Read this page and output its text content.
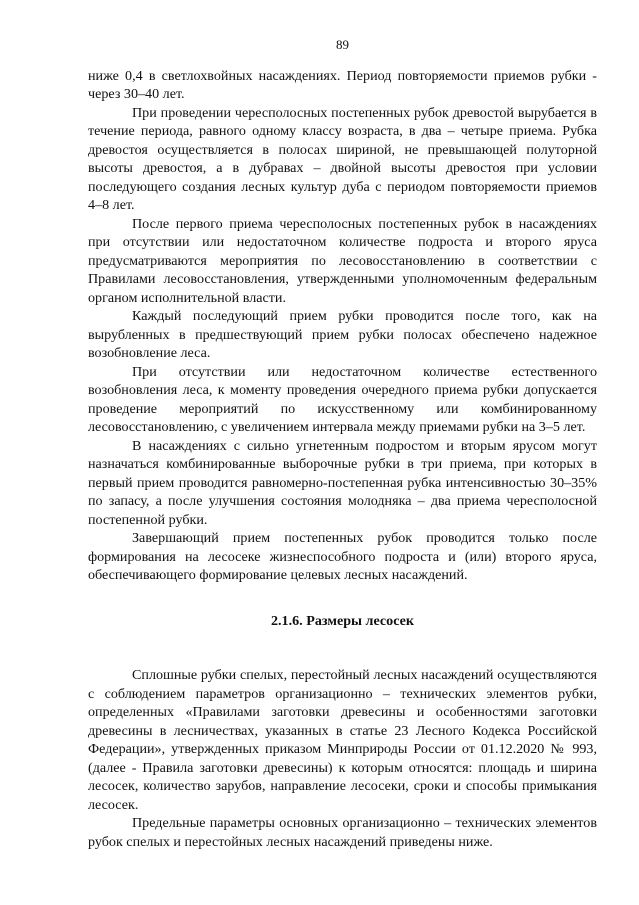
89

ниже 0,4 в светлохвойных насаждениях. Период повторяемости приемов рубки - через 30–40 лет.

При проведении чересполосных постепенных рубок древостой вырубается в течение периода, равного одному классу возраста, в два – четыре приема. Рубка древостоя осуществляется в полосах шириной, не превышающей полуторной высоты древостоя, а в дубравах – двойной высоты древостоя при условии последующего создания лесных культур дуба с периодом повторяемости приемов 4–8 лет.

После первого приема чересполосных постепенных рубок в насаждениях при отсутствии или недостаточном количестве подроста и второго яруса предусматриваются мероприятия по лесовосстановлению в соответствии с Правилами лесовосстановления, утвержденными уполномоченным федеральным органом исполнительной власти.

Каждый последующий прием рубки проводится после того, как на вырубленных в предшествующий прием рубки полосах обеспечено надежное возобновление леса.

При отсутствии или недостаточном количестве естественного возобновления леса, к моменту проведения очередного приема рубки допускается проведение мероприятий по искусственному или комбинированному лесовосстановлению, с увеличением интервала между приемами рубки на 3–5 лет.

В насаждениях с сильно угнетенным подростом и вторым ярусом могут назначаться комбинированные выборочные рубки в три приема, при которых в первый прием проводится равномерно-постепенная рубка интенсивностью 30–35% по запасу, а после улучшения состояния молодняка – два приема чересполосной постепенной рубки.

Завершающий прием постепенных рубок проводится только после формирования на лесосеке жизнеспособного подроста и (или) второго яруса, обеспечивающего формирование целевых лесных насаждений.

2.1.6. Размеры лесосек

Сплошные рубки спелых, перестойный лесных насаждений осуществляются с соблюдением параметров организационно – технических элементов рубки, определенных «Правилами заготовки древесины и особенностями заготовки древесины в лесничествах, указанных в статье 23 Лесного Кодекса Российской Федерации», утвержденных приказом Минприроды России от 01.12.2020 № 993, (далее - Правила заготовки древесины) к которым относятся: площадь и ширина лесосек, количество зарубов, направление лесосеки, сроки и способы примыкания лесосек.

Предельные параметры основных организационно – технических элементов рубок спелых и перестойных лесных насаждений приведены ниже.
